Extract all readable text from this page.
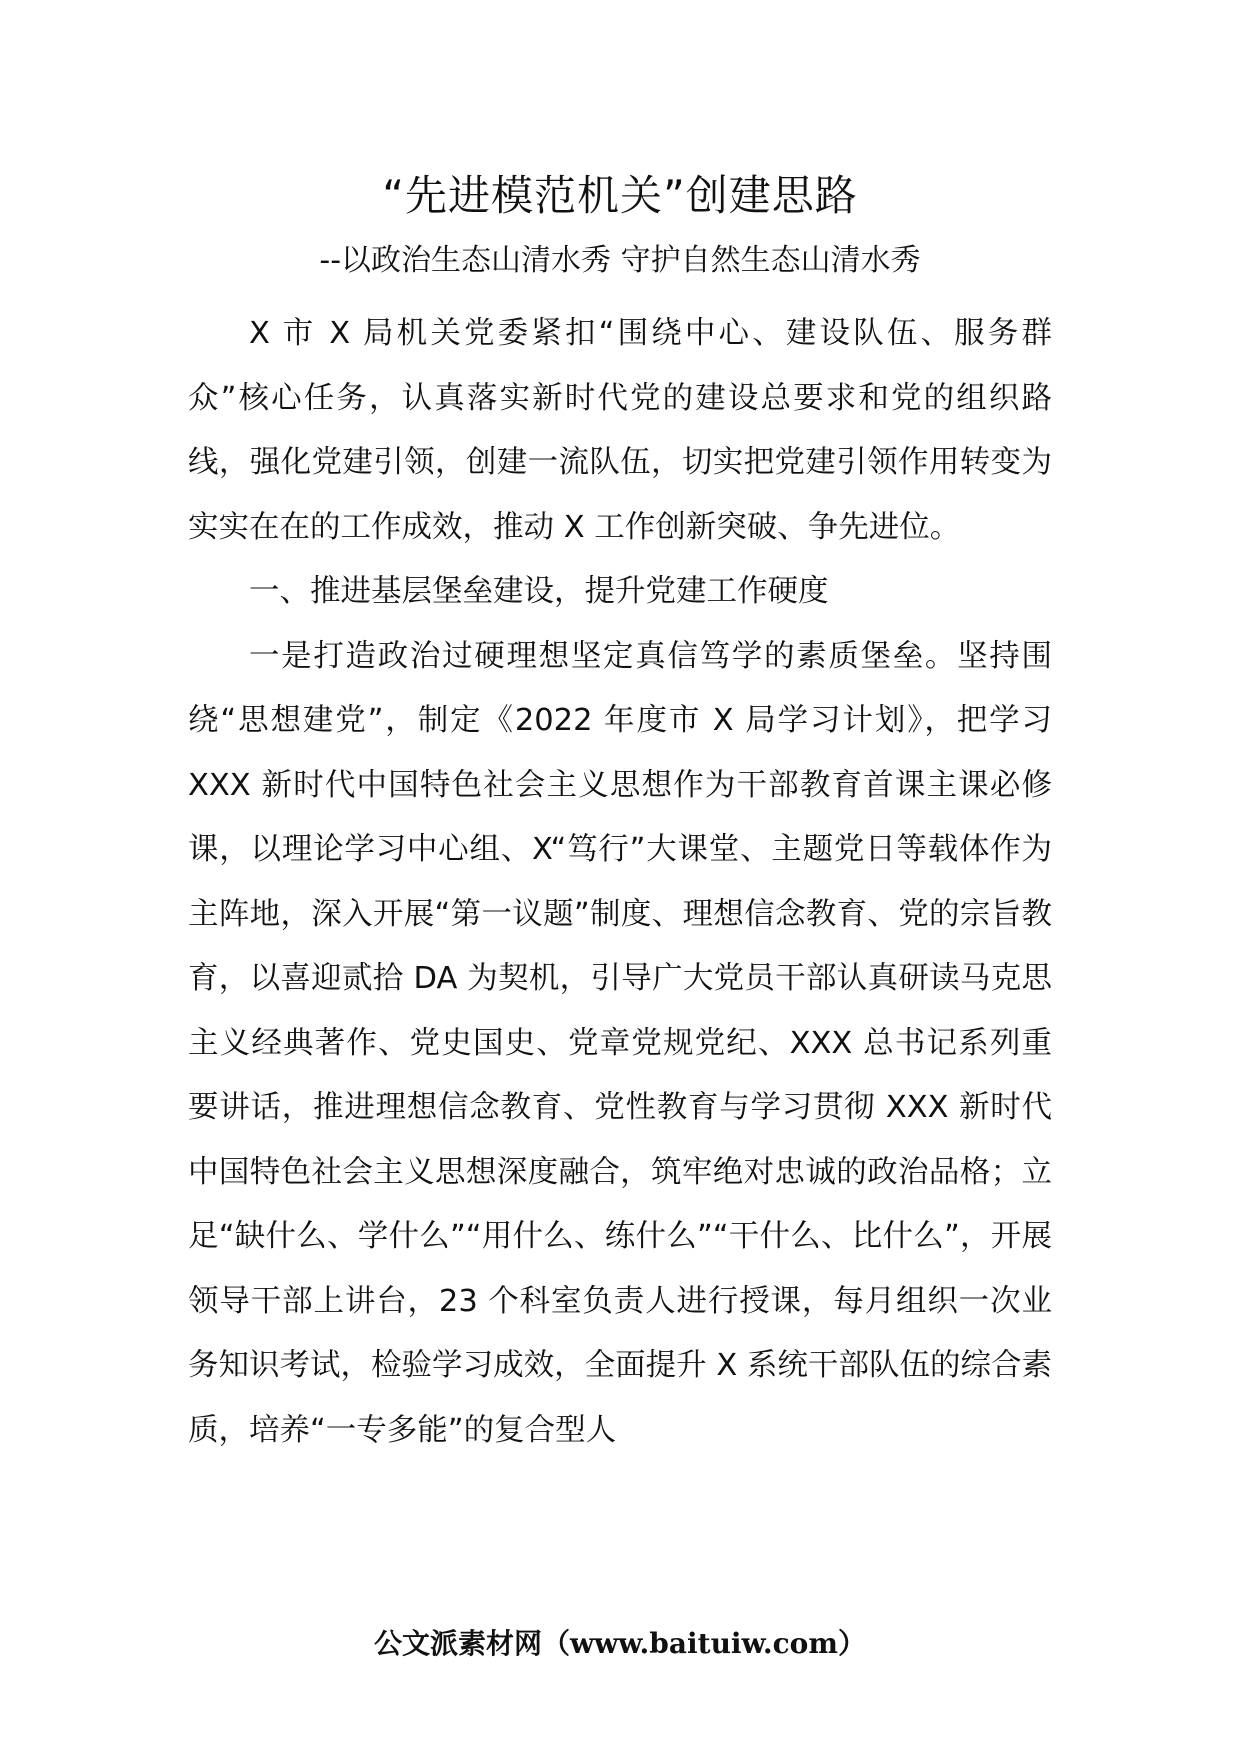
“先进模范机关”创建思路
--以政治生态山清水秀 守护自然生态山清水秀

X 市 X 局机关党委紧扣“围绕中心、建设队伍、服务群众”核心任务，认真落实新时代党的建设总要求和党的组织路线，强化党建引领，创建一流队伍，切实把党建引领作用转变为实实在在的工作成效，推动 X 工作创新突破、争先进位。

一、推进基层堡垒建设，提升党建工作硬度

一是打造政治过硬理想坚定真信笃学的素质堡垒。坚持围绕“思想建党”，制定《2022 年度市 X 局学习计划》，把学习 XXX 新时代中国特色社会主义思想作为干部教育首课主课必修课，以理论学习中心组、X“笃行”大课堂、主题党日等载体作为主阵地，深入开展“第一议题”制度、理想信念教育、党的宗旨教育，以喜迎贰拾 DA 为契机，引导广大党员干部认真研读马克思主义经典著作、党史国史、党章党规党纪、XXX 总书记系列重要讲话，推进理想信念教育、党性教育与学习贯彻 XXX 新时代中国特色社会主义思想深度融合，筑牢绝对忠诚的政治品格；立足“缺什么、学什么”“用什么、练什么”“干什么、比什么”，开展领导干部上讲台，23 个科室负责人进行授课，每月组织一次业务知识考试，检验学习成效，全面提升 X 系统干部队伍的综合素质，培养“一专多能”的复合型人

公文派素材网（www.baituiw.com）
